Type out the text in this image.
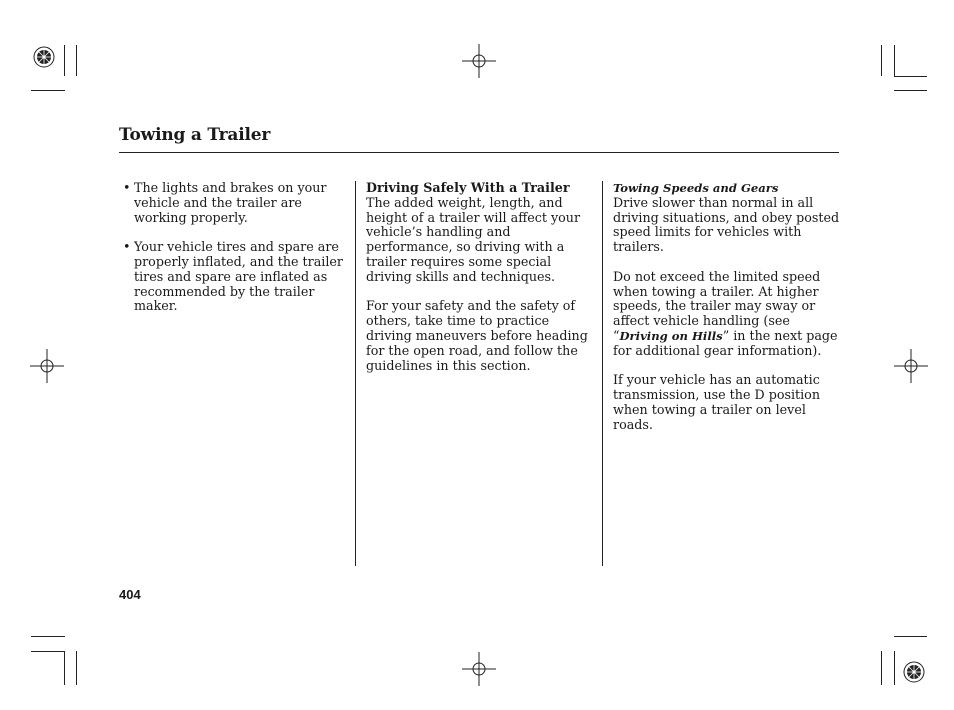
Towing a Trailer
• The lights and brakes on your vehicle and the trailer are working properly.
• Your vehicle tires and spare are properly inflated, and the trailer tires and spare are inflated as recommended by the trailer maker.
Driving Safely With a Trailer
The added weight, length, and height of a trailer will affect your vehicle’s handling and performance, so driving with a trailer requires some special driving skills and techniques.
For your safety and the safety of others, take time to practice driving maneuvers before heading for the open road, and follow the guidelines in this section.
Towing Speeds and Gears
Drive slower than normal in all driving situations, and obey posted speed limits for vehicles with trailers.
Do not exceed the limited speed when towing a trailer. At higher speeds, the trailer may sway or affect vehicle handling (see “Driving on Hills” in the next page for additional gear information).
If your vehicle has an automatic transmission, use the D position when towing a trailer on level roads.
404
